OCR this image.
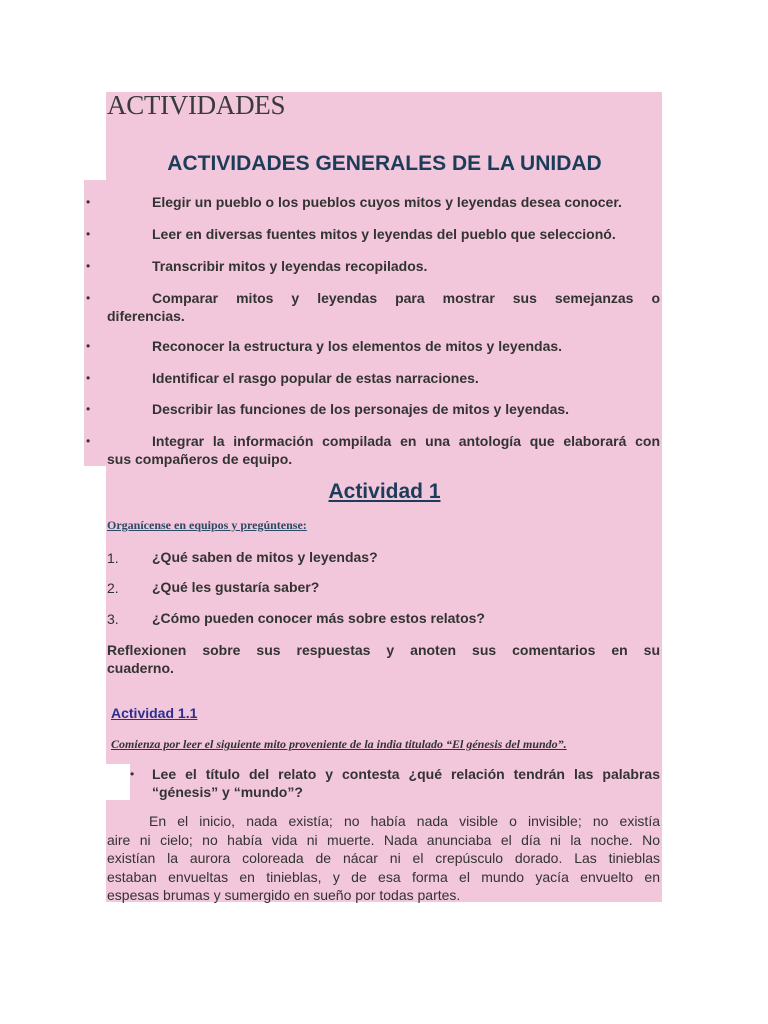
ACTIVIDADES
ACTIVIDADES GENERALES DE LA UNIDAD
•	Elegir un pueblo o los pueblos cuyos mitos y leyendas desea conocer.
•	Leer en diversas fuentes mitos y leyendas del pueblo que seleccionó.
•	Transcribir mitos y leyendas recopilados.
•	Comparar mitos y leyendas para mostrar sus semejanzas o
diferencias.
•	Reconocer la estructura y los elementos de mitos y leyendas.
•	Identificar el rasgo popular de estas narraciones.
•	Describir las funciones de los personajes de mitos y leyendas.
•	Integrar la información compilada en una antología que elaborará con
sus compañeros de equipo.
Actividad 1
Organícense en equipos y pregúntense:
1. ¿Qué saben de mitos y leyendas?
2. ¿Qué les gustaría saber?
3. ¿Cómo pueden conocer más sobre estos relatos?
Reflexionen sobre sus respuestas y anoten sus comentarios en su
cuaderno.
Actividad 1.1
Comienza por leer el siguiente mito proveniente de la india titulado “El génesis del mundo”.
• Lee el título del relato y contesta ¿qué relación tendrán las palabras
“génesis” y “mundo”?
En el inicio, nada existía; no había nada visible o invisible; no existía
aire ni cielo; no había vida ni muerte. Nada anunciaba el día ni la noche. No
existían la aurora coloreada de nácar ni el crepúsculo dorado. Las tinieblas
estaban envueltas en tinieblas, y de esa forma el mundo yacía envuelto en
espesas brumas y sumergido en sueño por todas partes.
